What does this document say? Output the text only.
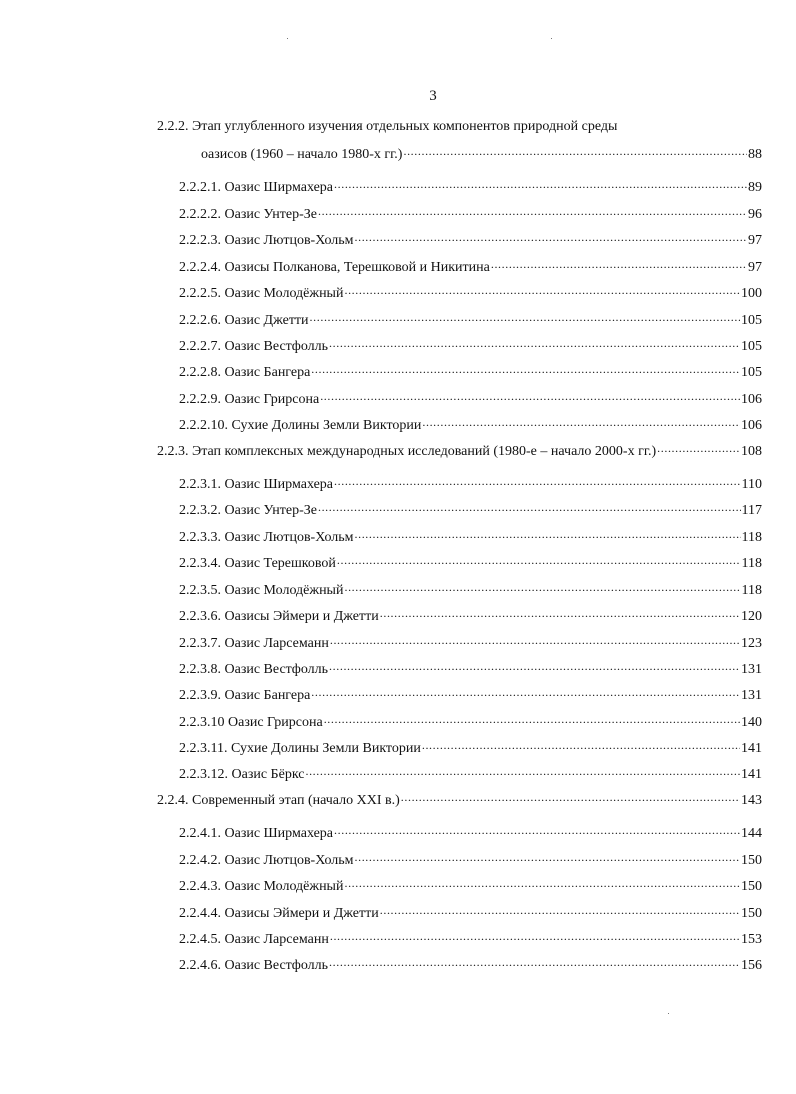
3
2.2.2. Этап углубленного изучения отдельных компонентов природной среды
оазисов (1960 – начало 1980-х гг.) .....	88
2.2.2.1. Оазис Ширмахера .....	89
2.2.2.2. Оазис Унтер-Зе .....	96
2.2.2.3. Оазис Лютцов-Хольм .....	97
2.2.2.4. Оазисы Полканова, Терешковой и Никитина .....	97
2.2.2.5. Оазис Молодёжный .....	100
2.2.2.6. Оазис Джетти .....	105
2.2.2.7. Оазис Вестфолль .....	105
2.2.2.8. Оазис Бангера .....	105
2.2.2.9. Оазис Грирсона .....	106
2.2.2.10. Сухие Долины Земли Виктории .....	106
2.2.3. Этап комплексных международных исследований (1980-е – начало 2000-х гг.) .....	108
2.2.3.1. Оазис Ширмахера .....	110
2.2.3.2. Оазис Унтер-Зе .....	117
2.2.3.3. Оазис Лютцов-Хольм .....	118
2.2.3.4. Оазис Терешковой .....	118
2.2.3.5. Оазис Молодёжный .....	118
2.2.3.6. Оазисы Эймери и Джетти .....	120
2.2.3.7. Оазис Ларсеманн .....	123
2.2.3.8. Оазис Вестфолль .....	131
2.2.3.9. Оазис Бангера .....	131
2.2.3.10 Оазис Грирсона .....	140
2.2.3.11. Сухие Долины Земли Виктории .....	141
2.2.3.12. Оазис Бёркс .....	141
2.2.4. Современный этап (начало XXI в.) .....	143
2.2.4.1. Оазис Ширмахера .....	144
2.2.4.2. Оазис Лютцов-Хольм .....	150
2.2.4.3. Оазис Молодёжный .....	150
2.2.4.4. Оазисы Эймери и Джетти .....	150
2.2.4.5. Оазис Ларсеманн .....	153
2.2.4.6. Оазис Вестфолль .....	156
